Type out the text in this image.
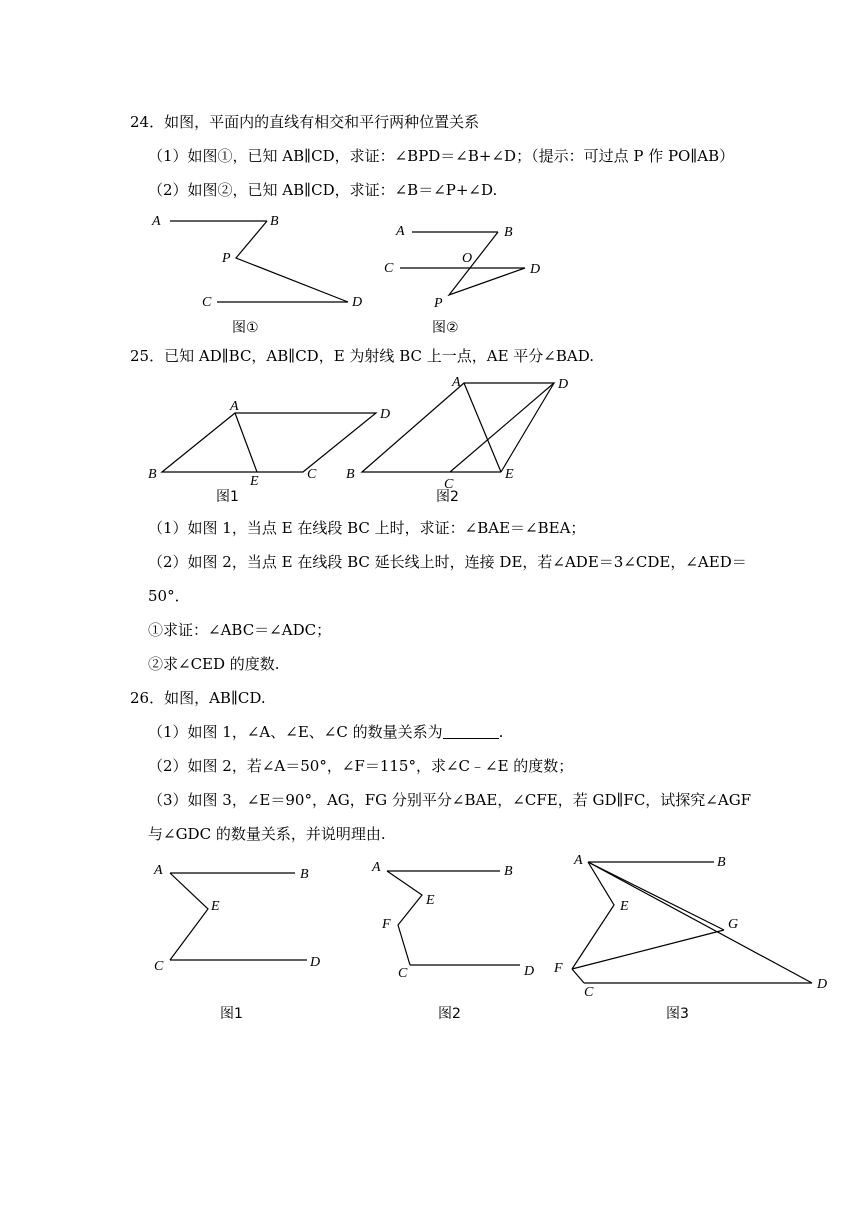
24．如图，平面内的直线有相交和平行两种位置关系
（1）如图①，已知 AB∥CD，求证：∠BPD＝∠B+∠D；（提示：可过点 P 作 PO∥AB）
（2）如图②，已知 AB∥CD，求证：∠B＝∠P+∠D.
A	B
P
C	D
图①
A	B
C
O
D
P
图②
25．已知 AD∥BC，AB∥CD，E 为射线 BC 上一点，AE 平分∠BAD.
A
D
B	E	C
图1
A	D
B
C
E
图2
（1）如图 1，当点 E 在线段 BC 上时，求证：∠BAE＝∠BEA；
（2）如图 2，当点 E 在线段 BC 延长线上时，连接 DE，若∠ADE＝3∠CDE，∠AED＝
50°．
①求证：∠ABC＝∠ADC；
②求∠CED 的度数.
26．如图，AB∥CD.
（1）如图 1，∠A、∠E、∠C 的数量关系为	.
（2）如图 2，若∠A＝50°，∠F＝115°，求∠C﹣∠E 的度数；
（3）如图 3，∠E＝90°，AG，FG 分别平分∠BAE，∠CFE，若 GD∥FC，试探究∠AGF
与∠GDC 的数量关系，并说明理由.
A	B
E
C	D
图1
A	B
E
F
C	D
图2
A	B
E
G
F
C
D
图3
